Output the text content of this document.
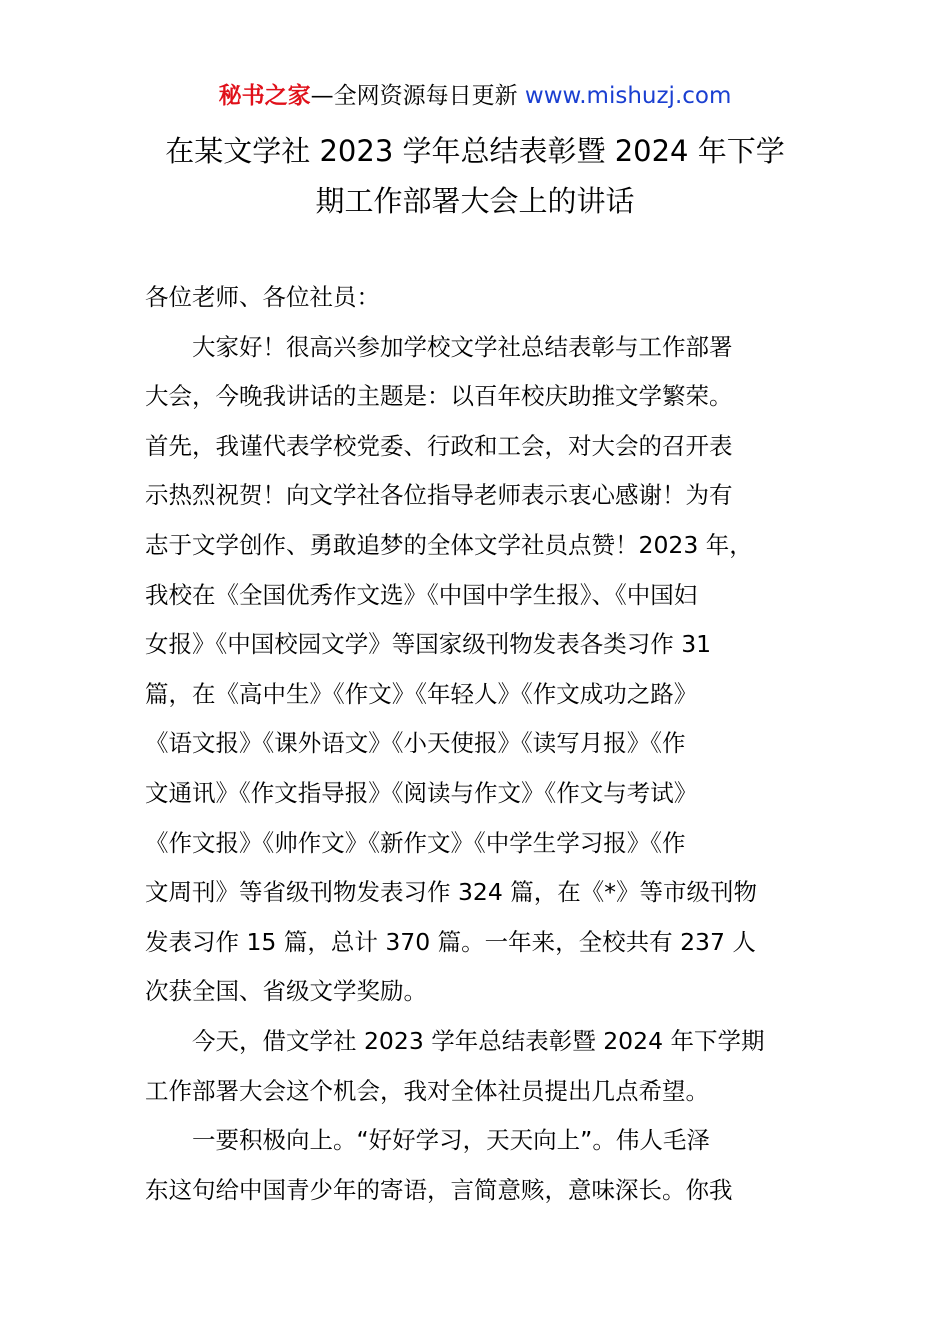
秘书之家—全网资源每日更新 www.mishuzj.com
在某文学社 2023 学年总结表彰暨 2024 年下学
期工作部署大会上的讲话
各位老师、各位社员：
　　大家好！很高兴参加学校文学社总结表彰与工作部署
大会，今晚我讲话的主题是：以百年校庆助推文学繁荣。
首先，我谨代表学校党委、行政和工会，对大会的召开表
示热烈祝贺！向文学社各位指导老师表示衷心感谢！为有
志于文学创作、勇敢追梦的全体文学社员点赞！2023 年，
我校在《全国优秀作文选》《中国中学生报》、《中国妇
女报》《中国校园文学》等国家级刊物发表各类习作 31
篇，在《高中生》《作文》《年轻人》《作文成功之路》
《语文报》《课外语文》《小天使报》《读写月报》《作
文通讯》《作文指导报》《阅读与作文》《作文与考试》
《作文报》《帅作文》《新作文》《中学生学习报》《作
文周刊》等省级刊物发表习作 324 篇，在《*》等市级刊物
发表习作 15 篇，总计 370 篇。一年来，全校共有 237 人
次获全国、省级文学奖励。
　　今天，借文学社 2023 学年总结表彰暨 2024 年下学期
工作部署大会这个机会，我对全体社员提出几点希望。
　　一要积极向上。“好好学习，天天向上”。伟人毛泽
东这句给中国青少年的寄语，言简意赅，意味深长。你我
